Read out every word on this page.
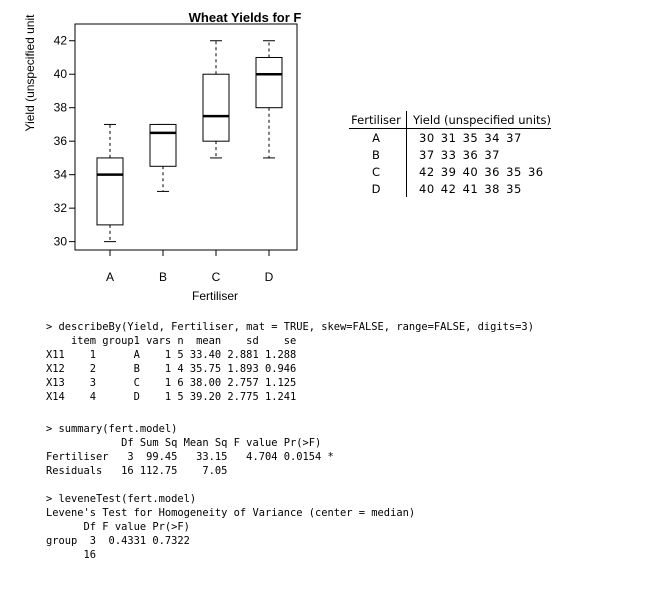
30
32
34
36
38
40
42
A	B	C	D
Wheat Yields for F
Yield (unspecified unit
Fertiliser
Fertiliser	Yield (unspecified units)
A	30 31 35 34 37
B	37 33 36 37
C	42 39 40 36 35 36
D	40 42 41 38 35
> describeBy(Yield, Fertiliser, mat = TRUE, skew=FALSE, range=FALSE, digits=3)
item group1 vars n  mean    sd    se
X11    1      A    1 5 33.40 2.881 1.288
X12    2      B    1 4 35.75 1.893 0.946
X13    3      C    1 6 38.00 2.757 1.125
X14    4      D    1 5 39.20 2.775 1.241
> summary(fert.model)
Df Sum Sq Mean Sq F value Pr(>F)
Fertiliser   3  99.45   33.15   4.704 0.0154 *
Residuals   16 112.75    7.05
> leveneTest(fert.model)
Levene's Test for Homogeneity of Variance (center = median)
Df F value Pr(>F)
group  3  0.4331 0.7322
16
